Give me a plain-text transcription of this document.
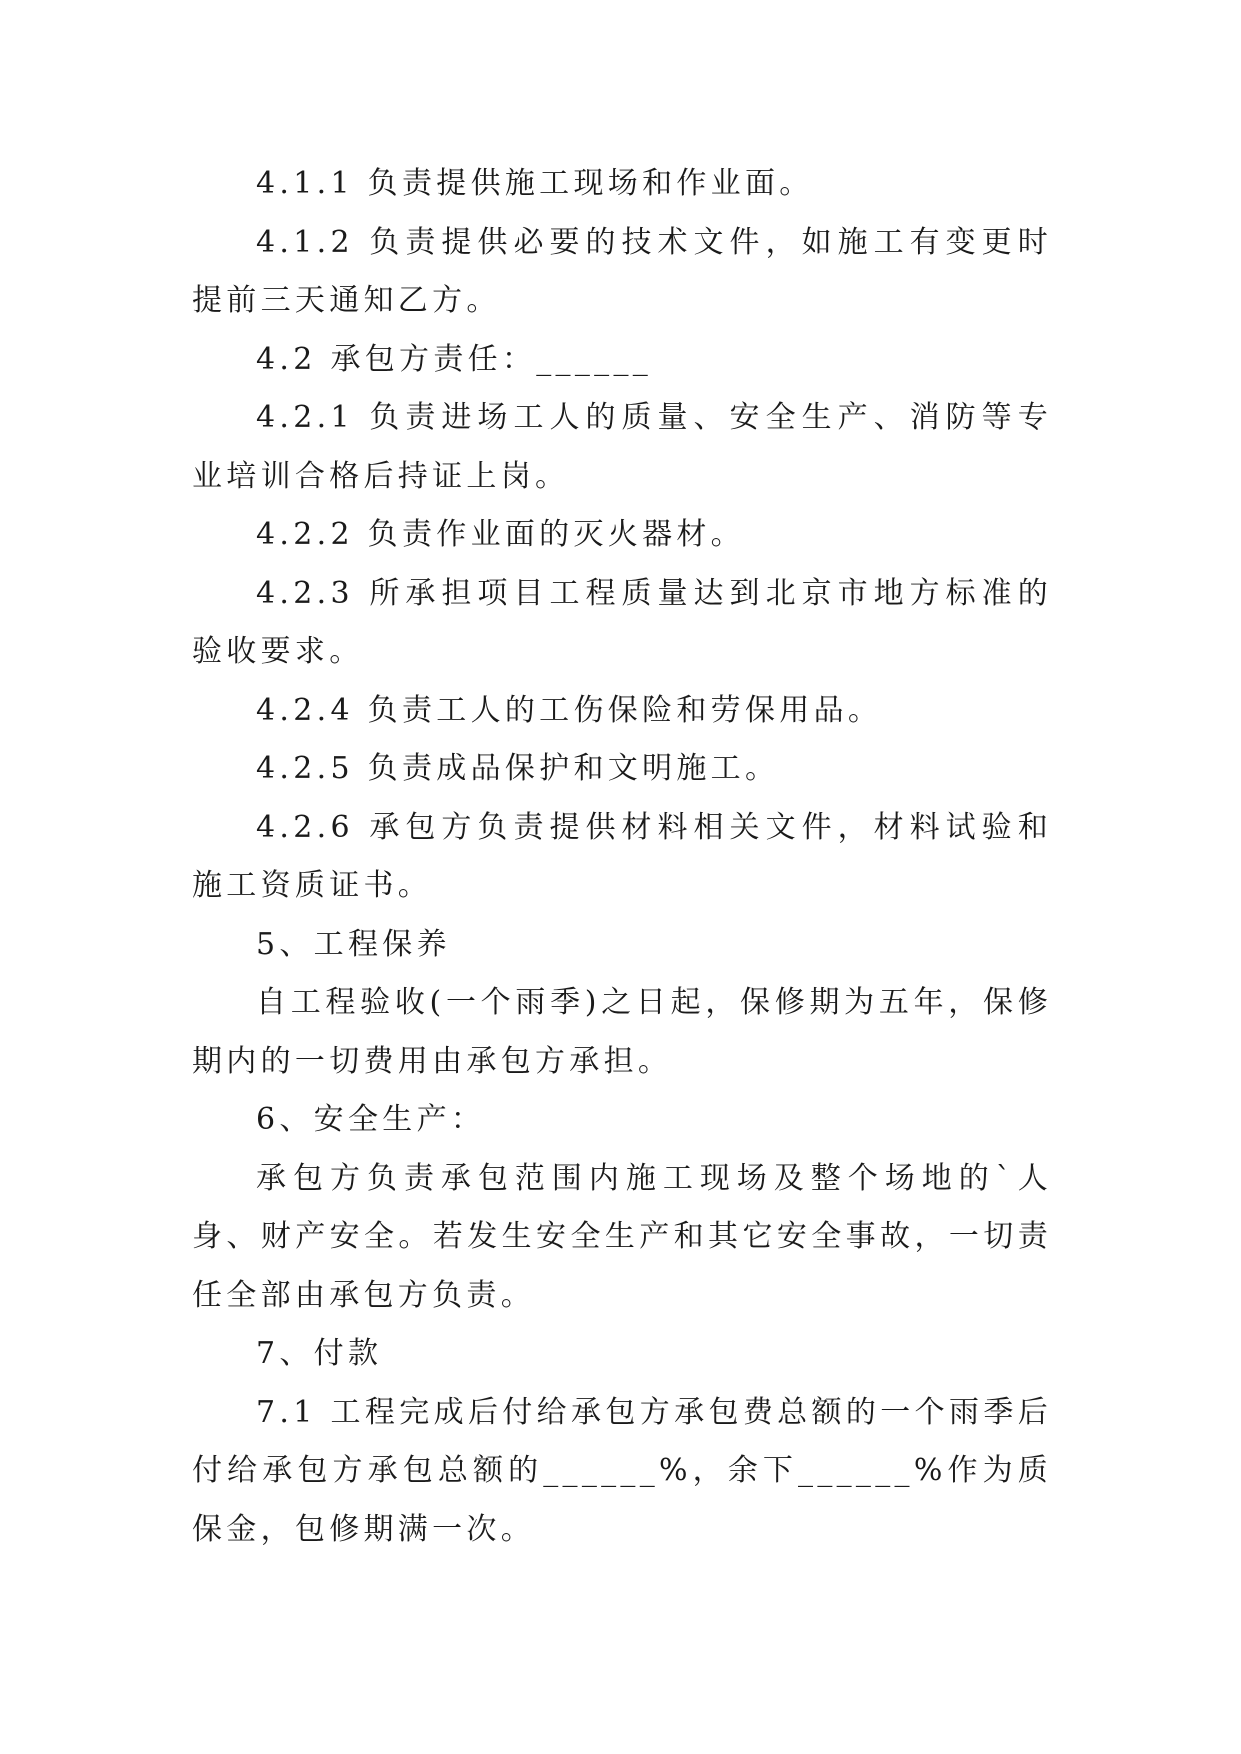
4.1.1 负责提供施工现场和作业面。

4.1.2 负责提供必要的技术文件，如施工有变更时提前三天通知乙方。

4.2 承包方责任：______

4.2.1 负责进场工人的质量、安全生产、消防等专业培训合格后持证上岗。

4.2.2 负责作业面的灭火器材。

4.2.3 所承担项目工程质量达到北京市地方标准的验收要求。

4.2.4 负责工人的工伤保险和劳保用品。

4.2.5 负责成品保护和文明施工。

4.2.6 承包方负责提供材料相关文件，材料试验和施工资质证书。

5、工程保养

自工程验收(一个雨季)之日起，保修期为五年，保修期内的一切费用由承包方承担。

6、安全生产：

承包方负责承包范围内施工现场及整个场地的`人身、财产安全。若发生安全生产和其它安全事故，一切责任全部由承包方负责。

7、付款

7.1 工程完成后付给承包方承包费总额的一个雨季后付给承包方承包总额的______%，余下______%作为质保金，包修期满一次。
